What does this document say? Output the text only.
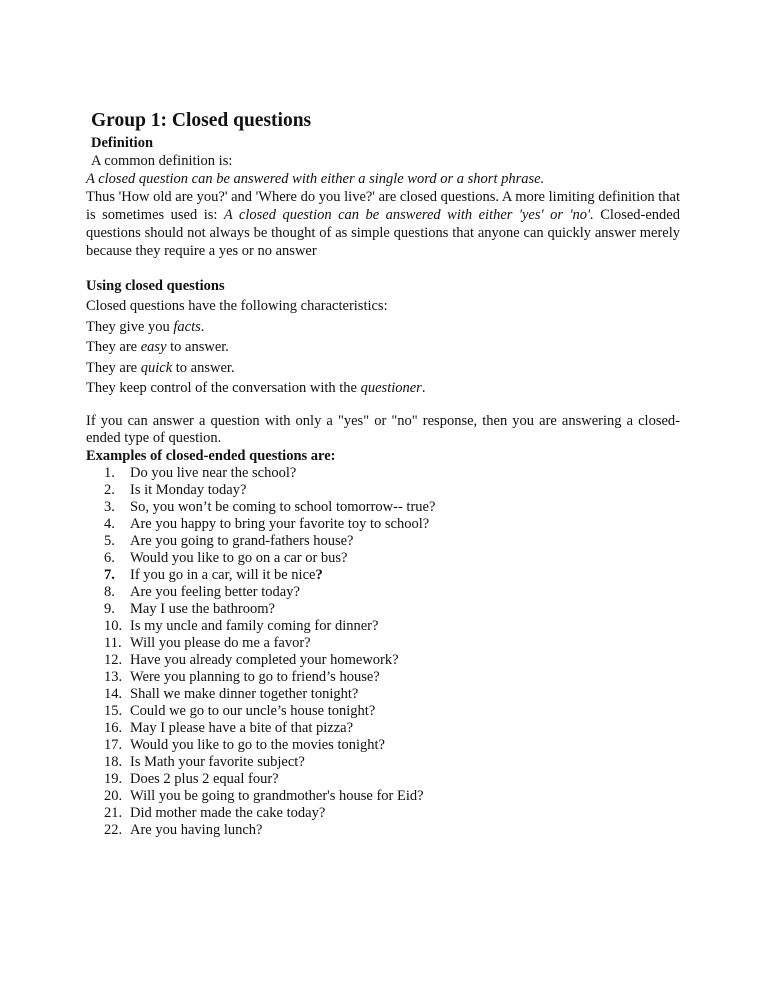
Group 1: Closed questions
Definition

A common definition is:

A closed question can be answered with either a single word or a short phrase.

Thus 'How old are you?' and 'Where do you live?' are closed questions. A more limiting definition that is sometimes used is: A closed question can be answered with either 'yes' or 'no'. Closed-ended questions should not always be thought of as simple questions that anyone can quickly answer merely because they require a yes or no answer

Using closed questions

Closed questions have the following characteristics:

They give you facts.

They are easy to answer.

They are quick to answer.

They keep control of the conversation with the questioner.

If you can answer a question with only a "yes" or "no" response, then you are answering a closed-ended type of question.

Examples of closed-ended questions are:

1.	Do you live near the school?
2.	Is it Monday today?
3.	So, you won’t be coming to school tomorrow-- true?
4.	Are you happy to bring your favorite toy to school?
5.	Are you going to grand-fathers house?
6.	Would you like to go on a car or bus?
7.	If you go in a car, will it be nice?
8.	Are you feeling better today?
9.	May I use the bathroom?
10. Is my uncle and family coming for dinner?
11. Will you please do me a favor?
12. Have you already completed your homework?
13. Were you planning to go to friend’s house?
14. Shall we make dinner together tonight?
15. Could we go to our uncle’s house tonight?
16. May I please have a bite of that pizza?
17. Would you like to go to the movies tonight?
18. Is Math your favorite subject?
19. Does 2 plus 2 equal four?
20. Will you be going to grandmother's house for Eid?
21. Did mother made the cake today?
22. Are you having lunch?
